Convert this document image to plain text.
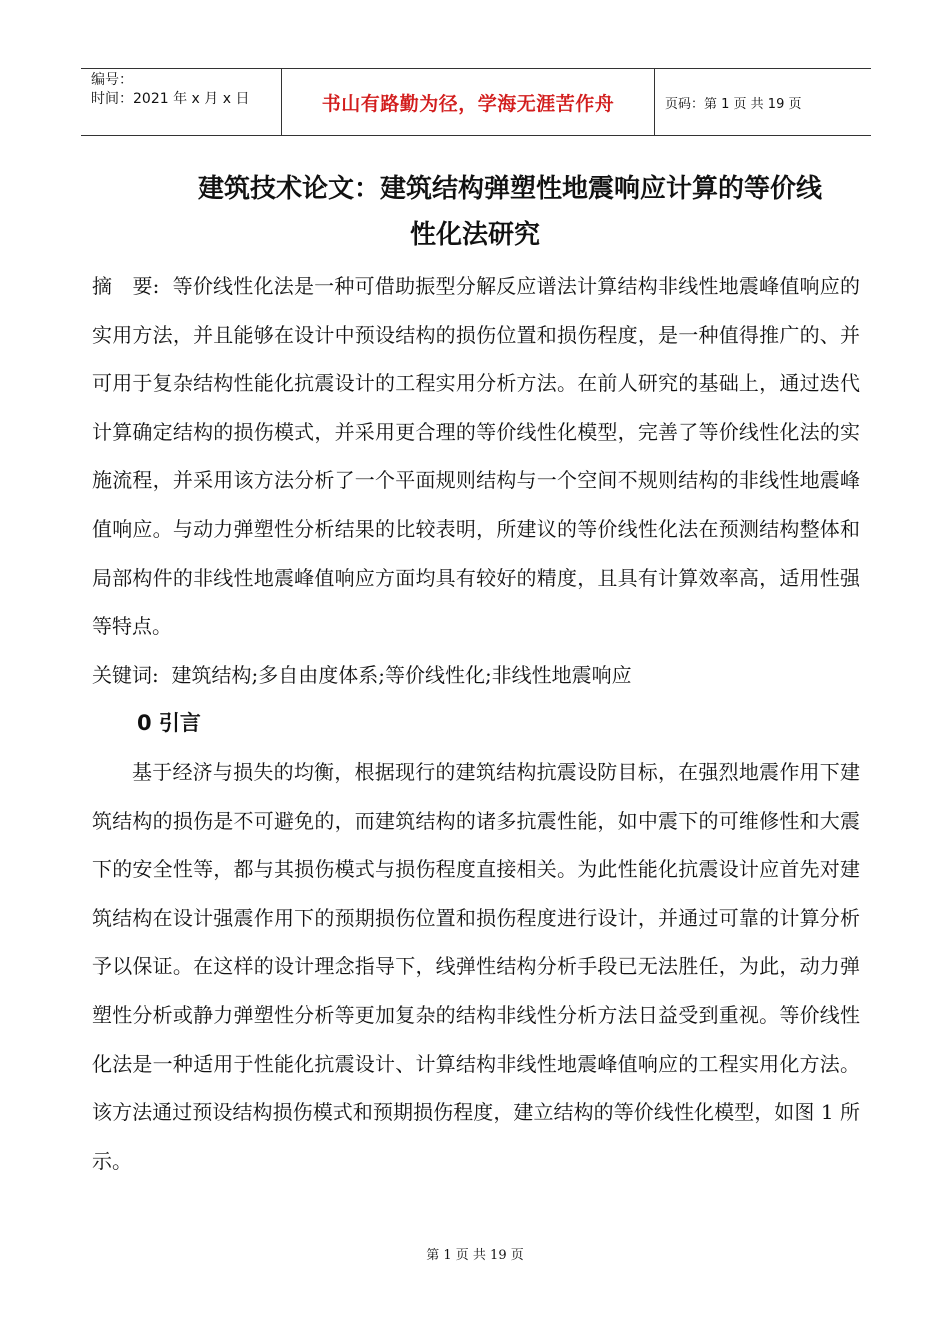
编号：
时间：2021 年 x 月 x 日	书山有路勤为径，学海无涯苦作舟	页码：第 1 页 共 19 页
建筑技术论文：建筑结构弹塑性地震响应计算的等价线
性化法研究

摘　要: 等价线性化法是一种可借助振型分解反应谱法计算结构非线性地震峰值响应的实用方法，并且能够在设计中预设结构的损伤位置和损伤程度，是一种值得推广的、并可用于复杂结构性能化抗震设计的工程实用分析方法。在前人研究的基础上，通过迭代计算确定结构的损伤模式，并采用更合理的等价线性化模型，完善了等价线性化法的实施流程，并采用该方法分析了一个平面规则结构与一个空间不规则结构的非线性地震峰值响应。与动力弹塑性分析结果的比较表明，所建议的等价线性化法在预测结构整体和局部构件的非线性地震峰值响应方面均具有较好的精度，且具有计算效率高，适用性强等特点。

关键词: 建筑结构;多自由度体系;等价线性化;非线性地震响应

0 引言

基于经济与损失的均衡，根据现行的建筑结构抗震设防目标，在强烈地震作用下建筑结构的损伤是不可避免的，而建筑结构的诸多抗震性能，如中震下的可维修性和大震下的安全性等，都与其损伤模式与损伤程度直接相关。为此性能化抗震设计应首先对建筑结构在设计强震作用下的预期损伤位置和损伤程度进行设计，并通过可靠的计算分析予以保证。在这样的设计理念指导下，线弹性结构分析手段已无法胜任，为此，动力弹塑性分析或静力弹塑性分析等更加复杂的结构非线性分析方法日益受到重视。等价线性化法是一种适用于性能化抗震设计、计算结构非线性地震峰值响应的工程实用化方法。该方法通过预设结构损伤模式和预期损伤程度，建立结构的等价线性化模型，如图 1 所示。

第 1 页 共 19 页
